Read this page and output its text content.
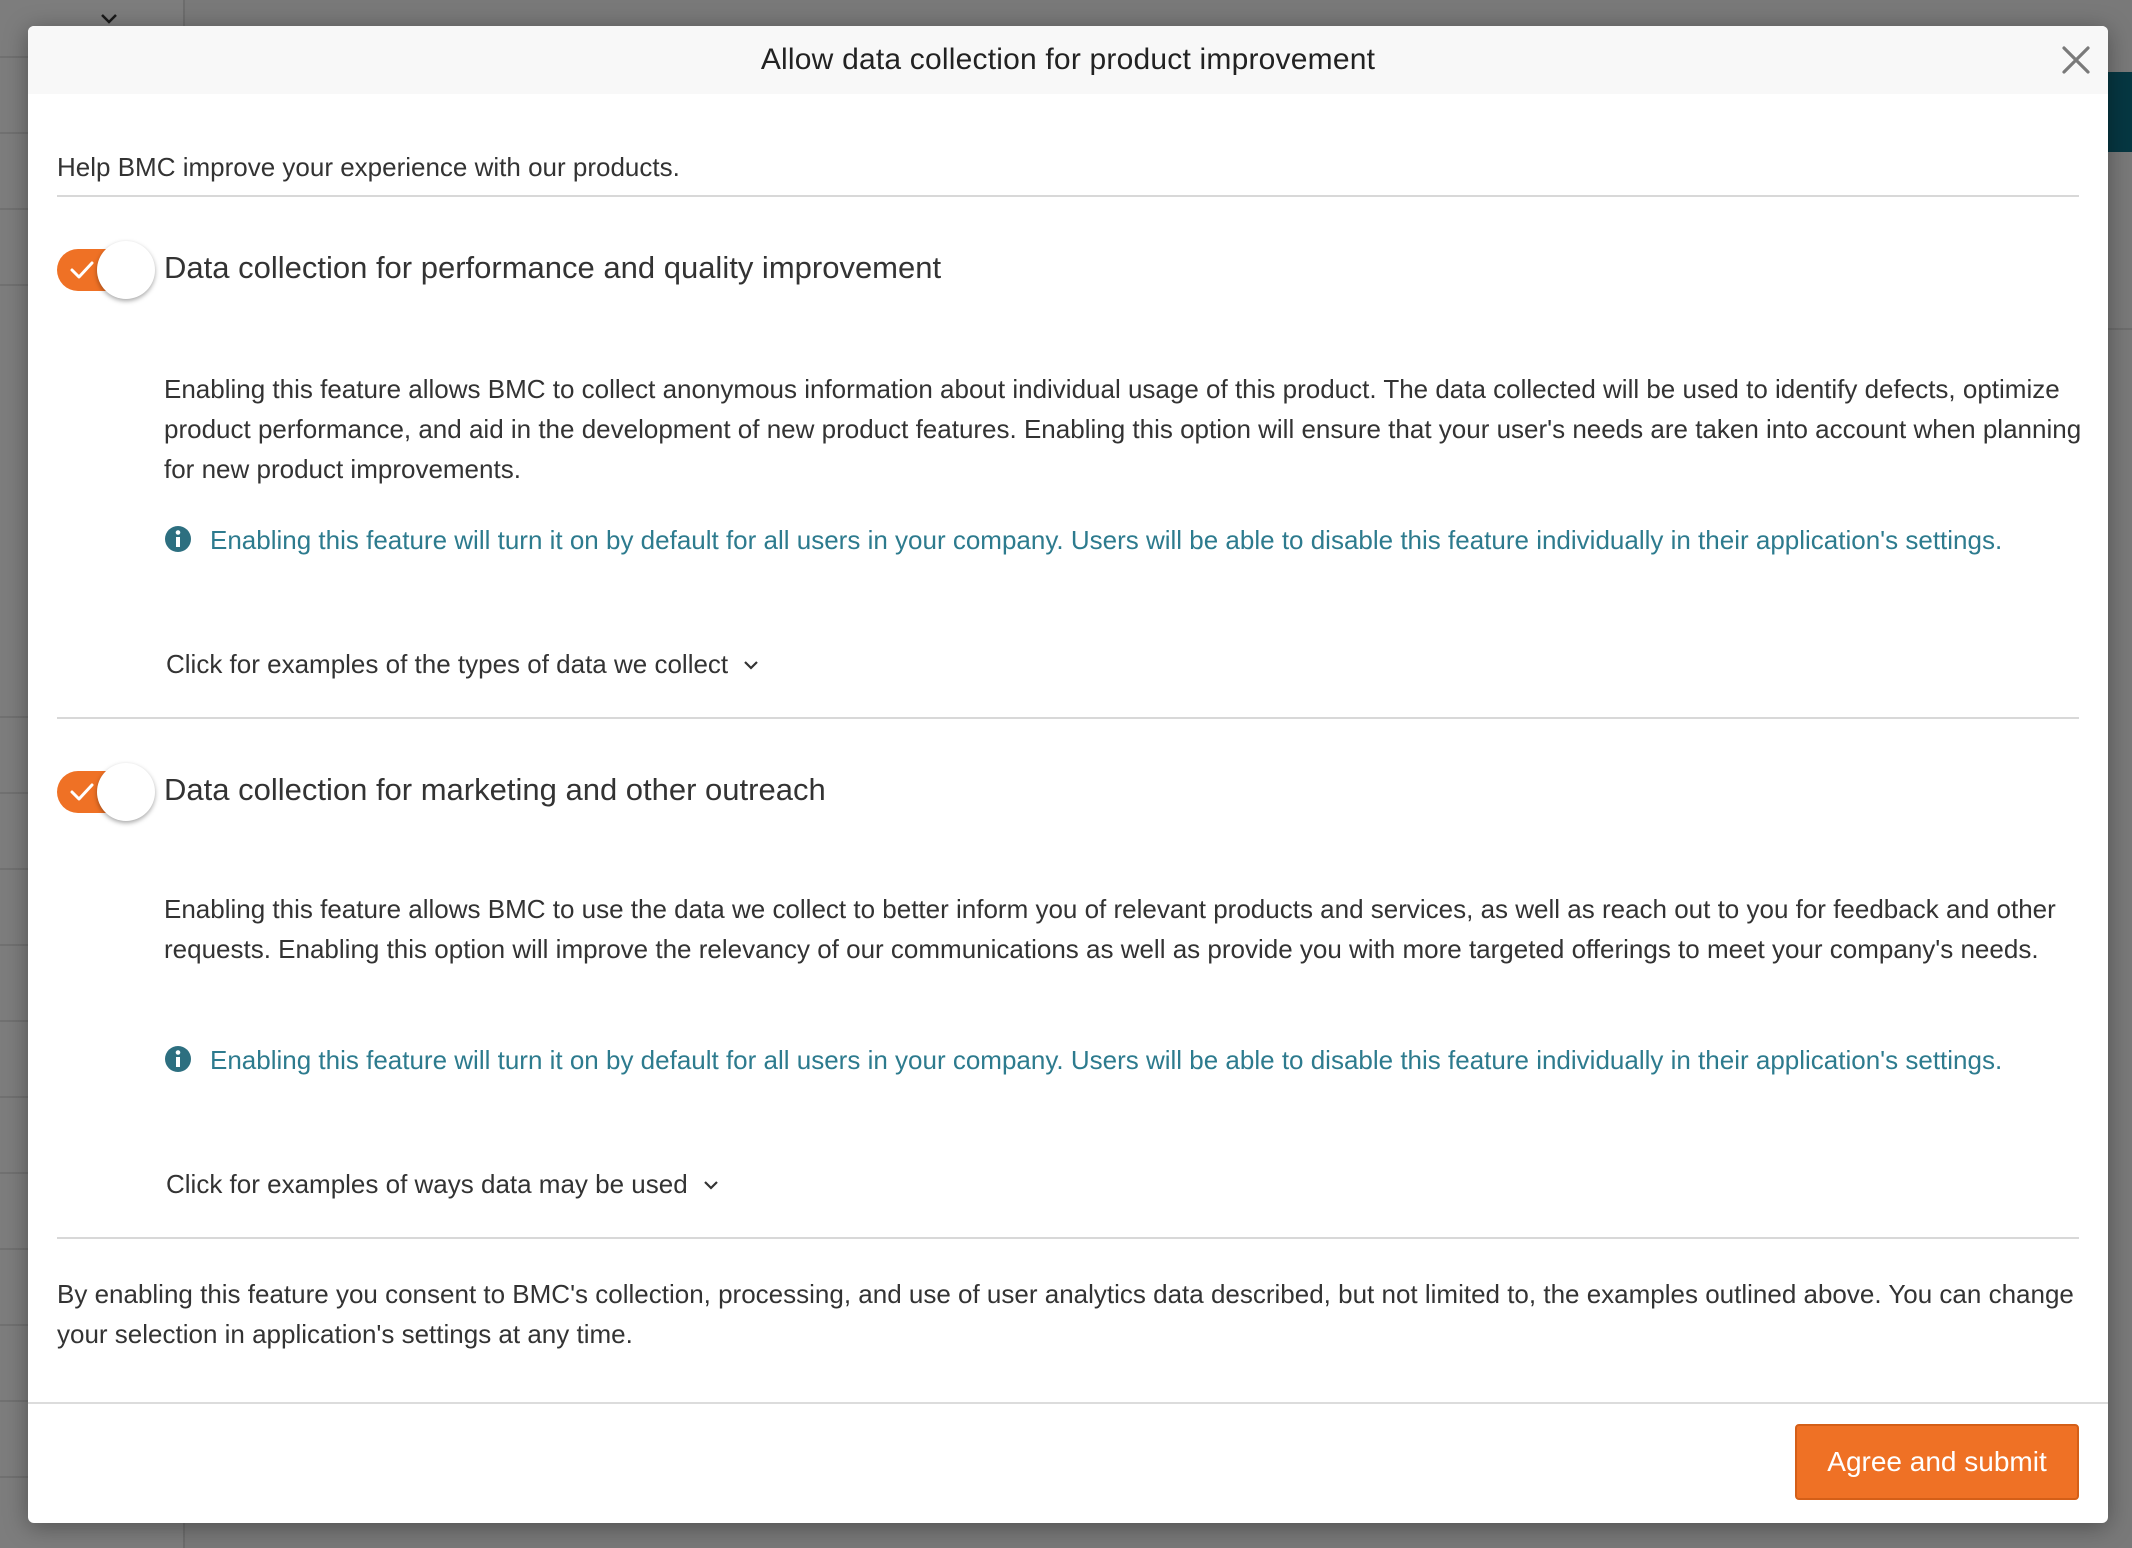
Allow data collection for product improvement
Help BMC improve your experience with our products.
Data collection for performance and quality improvement
Enabling this feature allows BMC to collect anonymous information about individual usage of this product. The data collected will be used to identify defects, optimize product performance, and aid in the development of new product features. Enabling this option will ensure that your user's needs are taken into account when planning for new product improvements.
Enabling this feature will turn it on by default for all users in your company. Users will be able to disable this feature individually in their application's settings.
Click for examples of the types of data we collect
Data collection for marketing and other outreach
Enabling this feature allows BMC to use the data we collect to better inform you of relevant products and services, as well as reach out to you for feedback and other requests. Enabling this option will improve the relevancy of our communications as well as provide you with more targeted offerings to meet your company's needs.
Enabling this feature will turn it on by default for all users in your company. Users will be able to disable this feature individually in their application's settings.
Click for examples of ways data may be used
By enabling this feature you consent to BMC's collection, processing, and use of user analytics data described, but not limited to, the examples outlined above. You can change your selection in application's settings at any time.
Agree and submit
